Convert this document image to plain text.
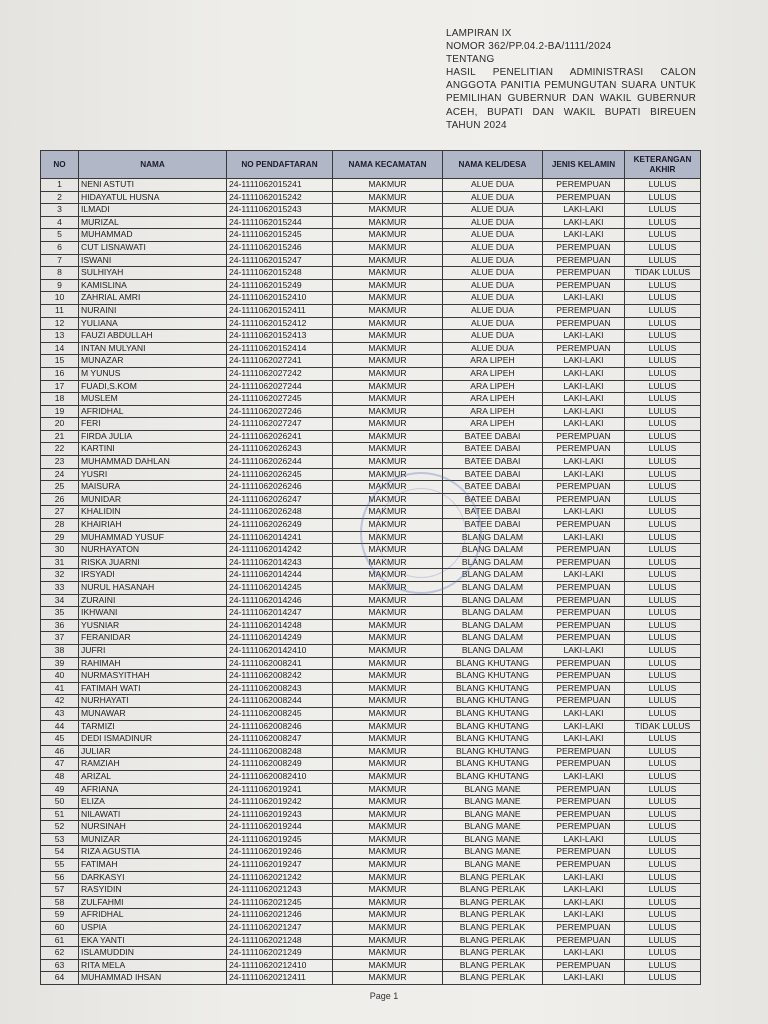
LAMPIRAN IX
NOMOR 362/PP.04.2-BA/1111/2024
TENTANG
HASIL PENELITIAN ADMINISTRASI CALON
ANGGOTA PANITIA PEMUNGUTAN SUARA UNTUK
PEMILIHAN GUBERNUR DAN WAKIL GUBERNUR
ACEH, BUPATI DAN WAKIL BUPATI BIREUEN
TAHUN 2024
NO	NAMA	NO PENDAFTARAN	NAMA KECAMATAN	NAMA KEL/DESA	JENIS KELAMIN	KETERANGAN AKHIR
1	NENI ASTUTI	24-1111062015241	MAKMUR	ALUE DUA	PEREMPUAN	LULUS
2	HIDAYATUL HUSNA	24-1111062015242	MAKMUR	ALUE DUA	PEREMPUAN	LULUS
3	ILMADI	24-1111062015243	MAKMUR	ALUE DUA	LAKI-LAKI	LULUS
4	MURIZAL	24-1111062015244	MAKMUR	ALUE DUA	LAKI-LAKI	LULUS
5	MUHAMMAD	24-1111062015245	MAKMUR	ALUE DUA	LAKI-LAKI	LULUS
6	CUT LISNAWATI	24-1111062015246	MAKMUR	ALUE DUA	PEREMPUAN	LULUS
7	ISWANI	24-1111062015247	MAKMUR	ALUE DUA	PEREMPUAN	LULUS
8	SULHIYAH	24-1111062015248	MAKMUR	ALUE DUA	PEREMPUAN	TIDAK LULUS
9	KAMISLINA	24-1111062015249	MAKMUR	ALUE DUA	PEREMPUAN	LULUS
10	ZAHRIAL AMRI	24-11110620152410	MAKMUR	ALUE DUA	LAKI-LAKI	LULUS
11	NURAINI	24-11110620152411	MAKMUR	ALUE DUA	PEREMPUAN	LULUS
12	YULIANA	24-11110620152412	MAKMUR	ALUE DUA	PEREMPUAN	LULUS
13	FAUZI ABDULLAH	24-11110620152413	MAKMUR	ALUE DUA	LAKI-LAKI	LULUS
14	INTAN MULYANI	24-11110620152414	MAKMUR	ALUE DUA	PEREMPUAN	LULUS
15	MUNAZAR	24-1111062027241	MAKMUR	ARA LIPEH	LAKI-LAKI	LULUS
16	M YUNUS	24-1111062027242	MAKMUR	ARA LIPEH	LAKI-LAKI	LULUS
17	FUADI,S.KOM	24-1111062027244	MAKMUR	ARA LIPEH	LAKI-LAKI	LULUS
18	MUSLEM	24-1111062027245	MAKMUR	ARA LIPEH	LAKI-LAKI	LULUS
19	AFRIDHAL	24-1111062027246	MAKMUR	ARA LIPEH	LAKI-LAKI	LULUS
20	FERI	24-1111062027247	MAKMUR	ARA LIPEH	LAKI-LAKI	LULUS
21	FIRDA JULIA	24-1111062026241	MAKMUR	BATEE DABAI	PEREMPUAN	LULUS
22	KARTINI	24-1111062026243	MAKMUR	BATEE DABAI	PEREMPUAN	LULUS
23	MUHAMMAD DAHLAN	24-1111062026244	MAKMUR	BATEE DABAI	LAKI-LAKI	LULUS
24	YUSRI	24-1111062026245	MAKMUR	BATEE DABAI	LAKI-LAKI	LULUS
25	MAISURA	24-1111062026246	MAKMUR	BATEE DABAI	PEREMPUAN	LULUS
26	MUNIDAR	24-1111062026247	MAKMUR	BATEE DABAI	PEREMPUAN	LULUS
27	KHALIDIN	24-1111062026248	MAKMUR	BATEE DABAI	LAKI-LAKI	LULUS
28	KHAIRIAH	24-1111062026249	MAKMUR	BATEE DABAI	PEREMPUAN	LULUS
29	MUHAMMAD YUSUF	24-1111062014241	MAKMUR	BLANG DALAM	LAKI-LAKI	LULUS
30	NURHAYATON	24-1111062014242	MAKMUR	BLANG DALAM	PEREMPUAN	LULUS
31	RISKA JUARNI	24-1111062014243	MAKMUR	BLANG DALAM	PEREMPUAN	LULUS
32	IRSYADI	24-1111062014244	MAKMUR	BLANG DALAM	LAKI-LAKI	LULUS
33	NURUL HASANAH	24-1111062014245	MAKMUR	BLANG DALAM	PEREMPUAN	LULUS
34	ZURAINI	24-1111062014246	MAKMUR	BLANG DALAM	PEREMPUAN	LULUS
35	IKHWANI	24-1111062014247	MAKMUR	BLANG DALAM	PEREMPUAN	LULUS
36	YUSNIAR	24-1111062014248	MAKMUR	BLANG DALAM	PEREMPUAN	LULUS
37	FERANIDAR	24-1111062014249	MAKMUR	BLANG DALAM	PEREMPUAN	LULUS
38	JUFRI	24-11110620142410	MAKMUR	BLANG DALAM	LAKI-LAKI	LULUS
39	RAHIMAH	24-1111062008241	MAKMUR	BLANG KHUTANG	PEREMPUAN	LULUS
40	NURMASYITHAH	24-1111062008242	MAKMUR	BLANG KHUTANG	PEREMPUAN	LULUS
41	FATIMAH WATI	24-1111062008243	MAKMUR	BLANG KHUTANG	PEREMPUAN	LULUS
42	NURHAYATI	24-1111062008244	MAKMUR	BLANG KHUTANG	PEREMPUAN	LULUS
43	MUNAWAR	24-1111062008245	MAKMUR	BLANG KHUTANG	LAKI-LAKI	LULUS
44	TARMIZI	24-1111062008246	MAKMUR	BLANG KHUTANG	LAKI-LAKI	TIDAK LULUS
45	DEDI ISMADINUR	24-1111062008247	MAKMUR	BLANG KHUTANG	LAKI-LAKI	LULUS
46	JULIAR	24-1111062008248	MAKMUR	BLANG KHUTANG	PEREMPUAN	LULUS
47	RAMZIAH	24-1111062008249	MAKMUR	BLANG KHUTANG	PEREMPUAN	LULUS
48	ARIZAL	24-11110620082410	MAKMUR	BLANG KHUTANG	LAKI-LAKI	LULUS
49	AFRIANA	24-1111062019241	MAKMUR	BLANG MANE	PEREMPUAN	LULUS
50	ELIZA	24-1111062019242	MAKMUR	BLANG MANE	PEREMPUAN	LULUS
51	NILAWATI	24-1111062019243	MAKMUR	BLANG MANE	PEREMPUAN	LULUS
52	NURSINAH	24-1111062019244	MAKMUR	BLANG MANE	PEREMPUAN	LULUS
53	MUNIZAR	24-1111062019245	MAKMUR	BLANG MANE	LAKI-LAKI	LULUS
54	RIZA AGUSTIA	24-1111062019246	MAKMUR	BLANG MANE	PEREMPUAN	LULUS
55	FATIMAH	24-1111062019247	MAKMUR	BLANG MANE	PEREMPUAN	LULUS
56	DARKASYI	24-1111062021242	MAKMUR	BLANG PERLAK	LAKI-LAKI	LULUS
57	RASYIDIN	24-1111062021243	MAKMUR	BLANG PERLAK	LAKI-LAKI	LULUS
58	ZULFAHMI	24-1111062021245	MAKMUR	BLANG PERLAK	LAKI-LAKI	LULUS
59	AFRIDHAL	24-1111062021246	MAKMUR	BLANG PERLAK	LAKI-LAKI	LULUS
60	USPIA	24-1111062021247	MAKMUR	BLANG PERLAK	PEREMPUAN	LULUS
61	EKA YANTI	24-1111062021248	MAKMUR	BLANG PERLAK	PEREMPUAN	LULUS
62	ISLAMUDDIN	24-1111062021249	MAKMUR	BLANG PERLAK	LAKI-LAKI	LULUS
63	RITA MELA	24-11110620212410	MAKMUR	BLANG PERLAK	PEREMPUAN	LULUS
64	MUHAMMAD IHSAN	24-11110620212411	MAKMUR	BLANG PERLAK	LAKI-LAKI	LULUS
Page 1
